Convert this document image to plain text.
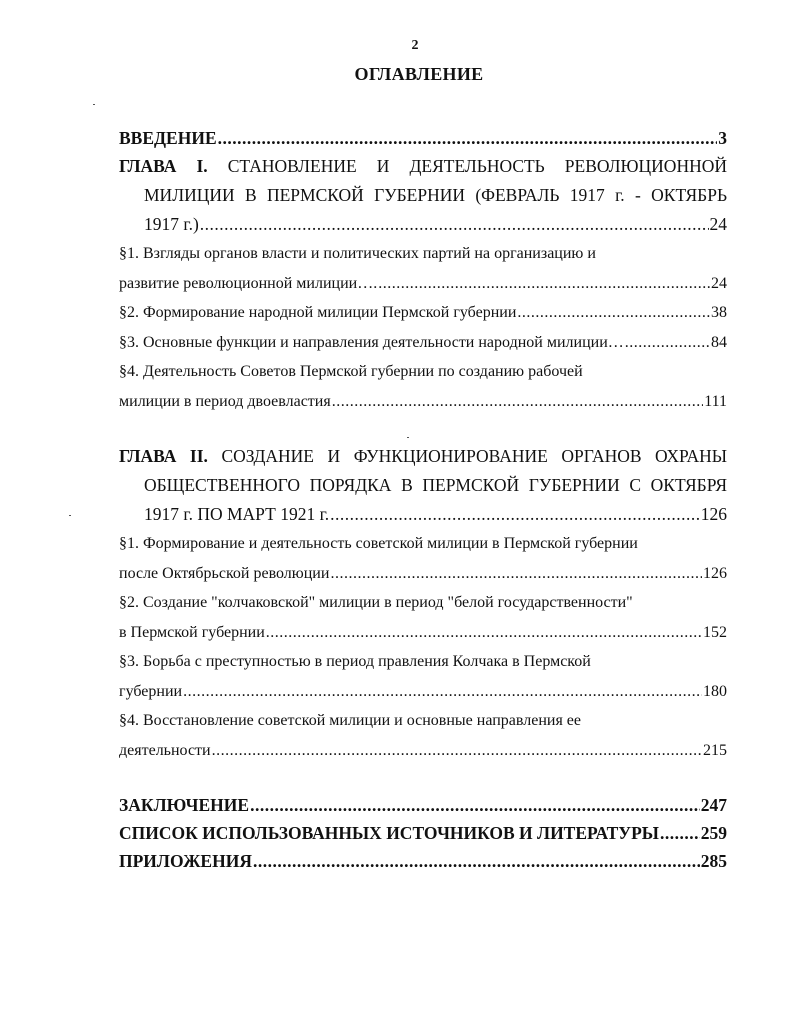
2
ОГЛАВЛЕНИЕ
ВВЕДЕНИЕ .....	3
ГЛАВА I. СТАНОВЛЕНИЕ И ДЕЯТЕЛЬНОСТЬ РЕВОЛЮЦИОННОЙ
МИЛИЦИИ В ПЕРМСКОЙ ГУБЕРНИИ (ФЕВРАЛЬ 1917 г. - ОКТЯБРЬ
1917 г.) .....	24
§1. Взгляды органов власти и политических партий на организацию и
развитие революционной милиции…. .....	24
§2. Формирование народной милиции Пермской губернии .....	38
§3. Основные функции и направления деятельности народной милиции… .....	84
§4. Деятельность Советов Пермской губернии по созданию рабочей
милиции в период двоевластия .....	111
ГЛАВА II. СОЗДАНИЕ И ФУНКЦИОНИРОВАНИЕ ОРГАНОВ ОХРАНЫ
ОБЩЕСТВЕННОГО ПОРЯДКА В ПЕРМСКОЙ ГУБЕРНИИ С ОКТЯБРЯ
1917 г. ПО МАРТ 1921 г. .....	126
§1. Формирование и деятельность советской милиции в Пермской губернии
после Октябрьской революции .....	126
§2. Создание "колчаковской" милиции в период "белой государственности"
в Пермской губернии .....	152
§3. Борьба с преступностью в период правления Колчака в Пермской
губернии .....	180
§4. Восстановление советской милиции и основные направления ее
деятельности .....	215
ЗАКЛЮЧЕНИЕ .....	247
СПИСОК ИСПОЛЬЗОВАННЫХ ИСТОЧНИКОВ И ЛИТЕРАТУРЫ ..... 259
ПРИЛОЖЕНИЯ .....	285
